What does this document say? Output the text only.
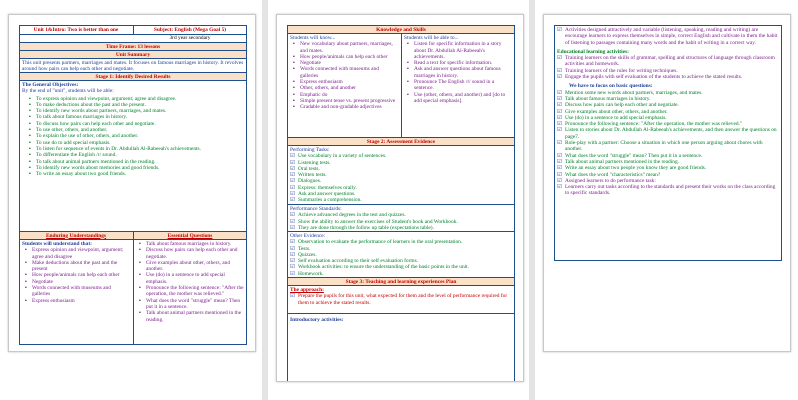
Unit 1&Intro: Two is better than one	Subject: English (Mega Goal 5)
3rd year secondary
Time Frame: 13 lessons
Unit Summary
This unit presents partners, marriages and mates. It focuses on famous marriages in history. It revolves around how pairs can help each other and negotiate.
Stage 1: Identify Desired Results
The General Objectives:
By the end of "unit", students will be able:
▪ To express opinion and viewpoint, argument; agree and disagree.
▪ To make deductions about the past and the present.
▪ To identify new words about partners, marriages, and mates.
▪ To talk about famous marriages in history.
▪ To discuss how pairs can help each other and negotiate.
▪ To use other, others, and another.
▪ To explain the use of other, others, and another.
▪ To use do to add special emphasis.
▪ To listen for sequence of events in Dr. Abdullah Al-Rabeeah's achievements.
▪ To differentiate the English /r/ sound.
▪ To talk about animal partners mentioned in the reading.
▪ To identify new words about memories and good friends.
▪ To write an essay about two good friends.
Enduring Understandings	Essential Questions
Students will understand that:
▪ Express opinion and viewpoint, argument; agree and disagree
▪ Make deductions about the past and the present
▪ How people/animals can help each other
▪ Negotiate
▪ Words connected with museums and galleries
▪ Express enthusiasm
▪ Talk about famous marriages in history.
▪ Discuss how pairs can help each other and negotiate.
▪ Give examples about other, others, and another.
▪ Use (do) in a sentence to add special emphasis.
▪ Pronounce the following sentence: "After the operation, the mother was relieved."
▪ What does the word "struggle" mean? Then put it in a sentence.
▪ Talk about animal partners mentioned in the reading.
Knowledge and Skills
Students will know...
▪ New vocabulary about partners, marriages, and mates.
▪ How people/animals can help each other
▪ Negotiate
▪ Words connected with museums and galleries
▪ Express enthusiasm
▪ Other, others, and another
▪ Emphatic do
▪ Simple present tense vs. present progressive
▪ Gradable and non-gradable adjectives
Students will be able to...
▪ Listen for specific information in a story about Dr. Abdullah Al-Rabeeah's achievements.
▪ Read a text for specific information.
▪ Ask and answer questions about famous marriages in history.
▪ Pronounce The English /r/ sound in a sentence.
▪ Use (other, others, and another) and [do to add special emphasis].
Stage 2: Assessment Evidence
Performing Tasks:
☑ Use vocabulary in a variety of sentences.
☑ Listening tests.
☑ Oral tests.
☑ Written tests.
☑ Dialogues.
☑ Express: themselves orally.
☑ Ask and answer questions.
☑ Summaries a comprehension.
Performance Standards:
☑ Achieve advanced degrees in the test and quizzes.
☑ Show the ability to answer the exercises of Student's book and Workbook.
☑ They are done through the follow up table (expectations table).
Other Evidence:
☑ Observation to evaluate the performance of learners in the oral presentation.
☑ Tests.
☑ Quizzes.
☑ Self evaluation according to their self evaluation forms.
☑ Workbook activities: to ensure the understanding of the basic points in the unit.
☑ Homework.
Stage 3: Teaching and learning experiences Plan
The approach:
☑ Prepare the pupils for this unit, what expected for them and the level of performance required for them to achieve the stated results.
Introductory activities:
☑ Activities designed attractively and variable (listening, speaking, reading and writing) are encourage learners to express themselves in simple, correct English and cultivate in them the habit of listening to passages containing many words and the habit of writing in a correct way.
Educational learning activities:
☑ Training learners on the skills of grammar, spelling and structures of language through classroom activities and homework.
☑ Training learners of the rules for writing techniques.
☑ Engage the pupils with self evaluation of the students to achieve the stated results.
We have to focus on basic questions:
☑ Mention some new words about partners, marriages, and mates.
☑ Talk about famous marriages in history.
☑ Discuss how pairs can help each other and negotiate.
☑ Give examples about other, others, and another.
☑ Use (do) in a sentence to add special emphasis.
☑ Pronounce the following sentence: "After the operation, the mother was relieved."
☑ Listen to stories about Dr. Abdullah Al-Rabeeah's achievements, and then answer the questions on page7.
☑ Role-play with a partner: Choose a situation in which one person arguing about chores with another.
☑ What does the word "struggle" mean? Then put it in a sentence.
☑ Talk about animal partners mentioned in the reading.
☑ Write an essay about two people you know they are good friends.
☑ What does the word "characteristics" mean?
☑ Assigned learners to do performance task:
☑ Learners carry out tasks according to the standards and present their works on the class according to specific standards.
